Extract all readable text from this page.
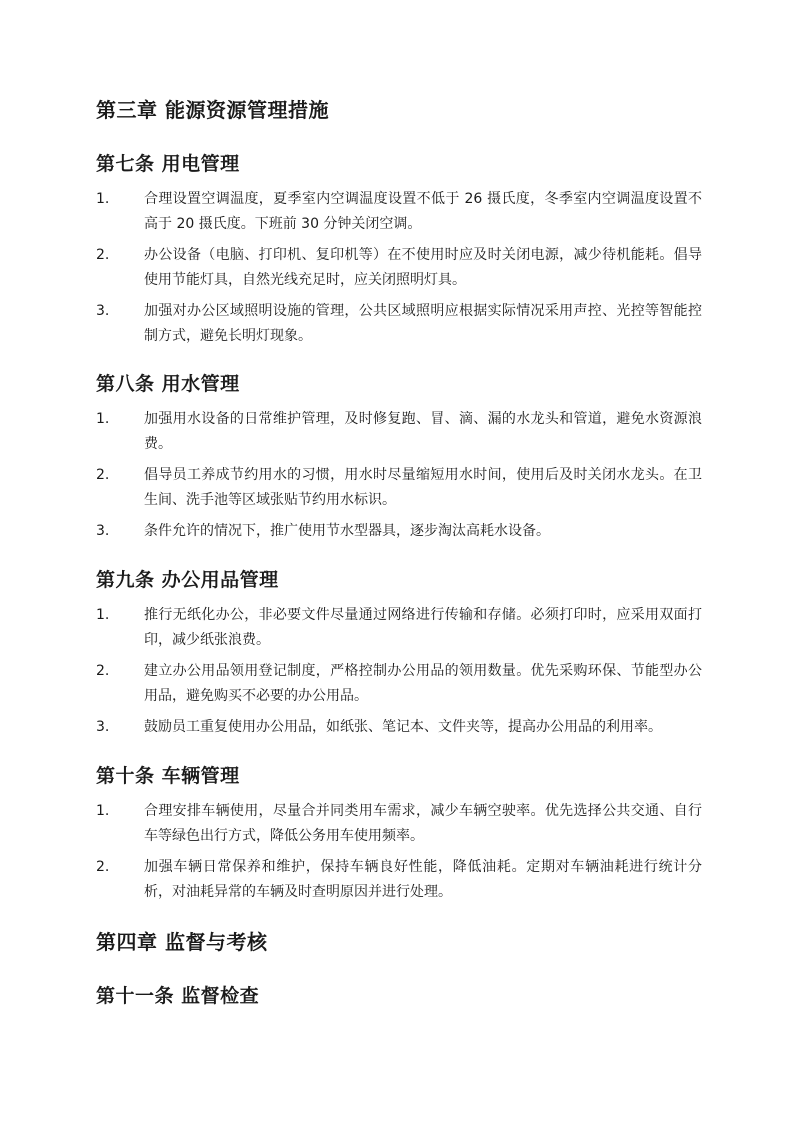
第三章 能源资源管理措施
第七条 用电管理
1.	合理设置空调温度，夏季室内空调温度设置不低于 26 摄氏度，冬季室内空调温度设置不高于 20 摄氏度。下班前 30 分钟关闭空调。
2.	办公设备（电脑、打印机、复印机等）在不使用时应及时关闭电源，减少待机能耗。倡导使用节能灯具，自然光线充足时，应关闭照明灯具。
3.	加强对办公区域照明设施的管理，公共区域照明应根据实际情况采用声控、光控等智能控制方式，避免长明灯现象。
第八条 用水管理
1.	加强用水设备的日常维护管理，及时修复跑、冒、滴、漏的水龙头和管道，避免水资源浪费。
2.	倡导员工养成节约用水的习惯，用水时尽量缩短用水时间，使用后及时关闭水龙头。在卫生间、洗手池等区域张贴节约用水标识。
3.	条件允许的情况下，推广使用节水型器具，逐步淘汰高耗水设备。
第九条 办公用品管理
1.	推行无纸化办公，非必要文件尽量通过网络进行传输和存储。必须打印时，应采用双面打印，减少纸张浪费。
2.	建立办公用品领用登记制度，严格控制办公用品的领用数量。优先采购环保、节能型办公用品，避免购买不必要的办公用品。
3.	鼓励员工重复使用办公用品，如纸张、笔记本、文件夹等，提高办公用品的利用率。
第十条 车辆管理
1.	合理安排车辆使用，尽量合并同类用车需求，减少车辆空驶率。优先选择公共交通、自行车等绿色出行方式，降低公务用车使用频率。
2.	加强车辆日常保养和维护，保持车辆良好性能，降低油耗。定期对车辆油耗进行统计分析，对油耗异常的车辆及时查明原因并进行处理。
第四章 监督与考核
第十一条 监督检查
